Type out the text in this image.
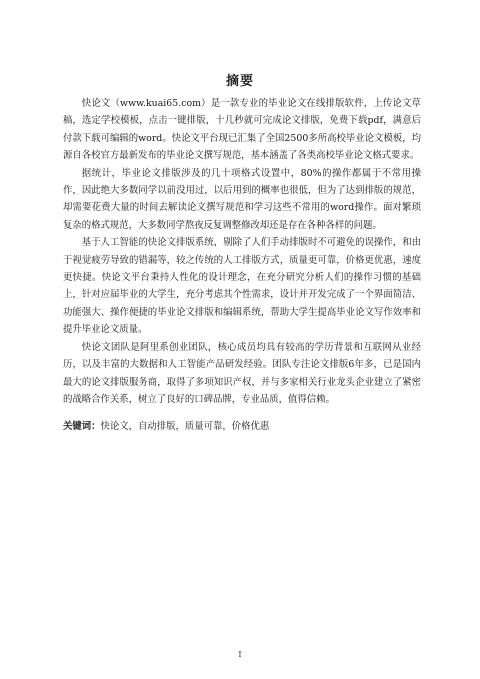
摘要

快论文（www.kuai65.com）是一款专业的毕业论文在线排版软件，上传论文草稿，选定学校模板，点击一键排版，十几秒就可完成论文排版，免费下载pdf，满意后付款下载可编辑的word。快论文平台现已汇集了全国2500多所高校毕业论文模板，均源自各校官方最新发布的毕业论文撰写规范，基本涵盖了各类高校毕业论文格式要求。

据统计，毕业论文排版涉及的几十项格式设置中，80%的操作都属于不常用操作，因此绝大多数同学以前没用过，以后用到的概率也很低，但为了达到排版的规范，却需要花费大量的时间去解读论文撰写规范和学习这些不常用的word操作。面对繁琐复杂的格式规范，大多数同学熬夜反复调整修改却还是存在各种各样的问题。

基于人工智能的快论文排版系统，剔除了人们手动排版时不可避免的误操作，和由于视觉疲劳导致的错漏等，较之传统的人工排版方式，质量更可靠，价格更优惠，速度更快捷。快论文平台秉持人性化的设计理念，在充分研究分析人们的操作习惯的基础上，针对应届毕业的大学生，充分考虑其个性需求，设计并开发完成了一个界面简洁、功能强大、操作便捷的毕业论文排版和编辑系统，帮助大学生提高毕业论文写作效率和提升毕业论文质量。

快论文团队是阿里系创业团队，核心成员均具有较高的学历背景和互联网从业经历，以及丰富的大数据和人工智能产品研发经验。团队专注论文排版6年多，已是国内最大的论文排版服务商，取得了多项知识产权，并与多家相关行业龙头企业建立了紧密的战略合作关系，树立了良好的口碑品牌，专业品质，值得信赖。

关键词：快论文，自动排版，质量可靠，价格优惠

I
